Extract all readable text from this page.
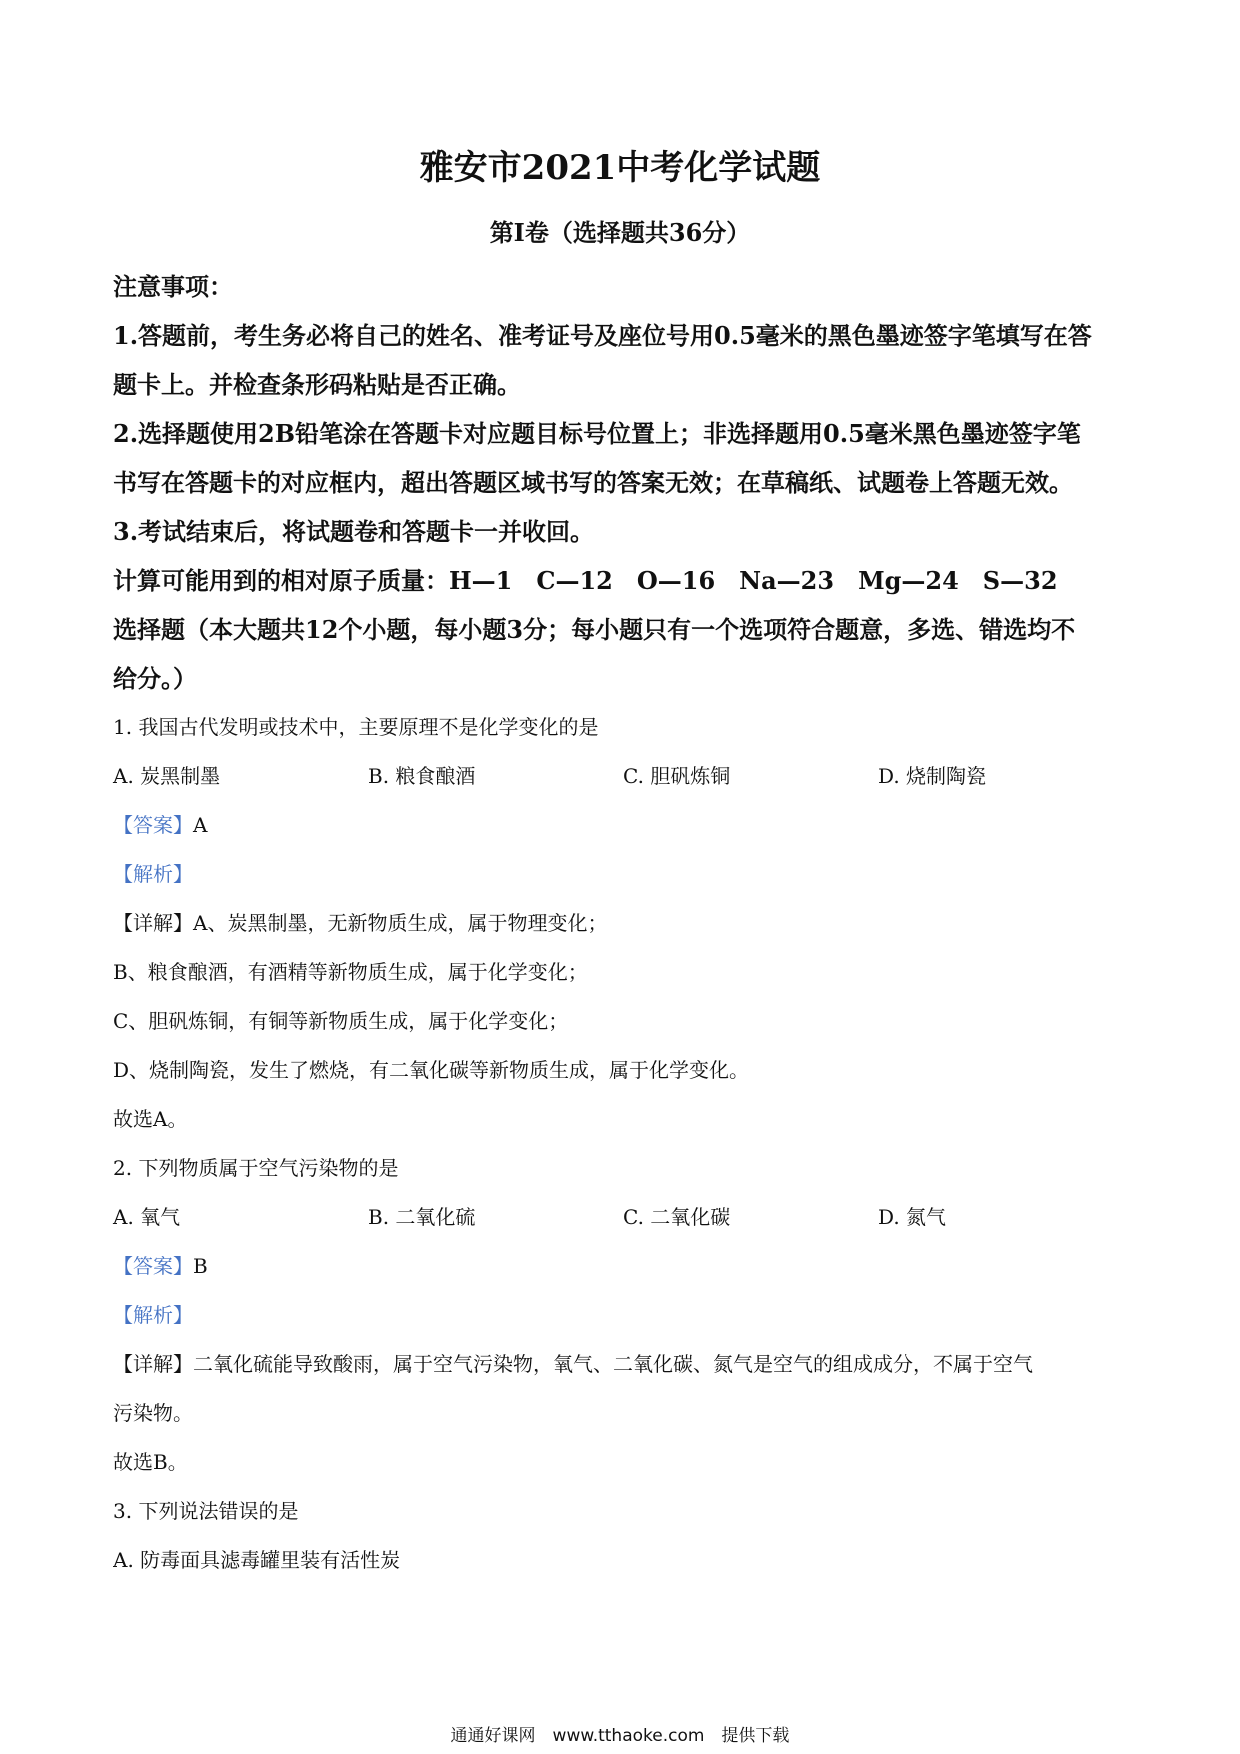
雅安市2021中考化学试题
第Ⅰ卷（选择题共36分）
注意事项：
1.答题前，考生务必将自己的姓名、准考证号及座位号用0.5毫米的黑色墨迹签字笔填写在答
题卡上。并检查条形码粘贴是否正确。
2.选择题使用2B铅笔涂在答题卡对应题目标号位置上；非选择题用0.5毫米黑色墨迹签字笔
书写在答题卡的对应框内，超出答题区域书写的答案无效；在草稿纸、试题卷上答题无效。
3.考试结束后，将试题卷和答题卡一并收回。
计算可能用到的相对原子质量：H—1　C—12　O—16　Na—23　Mg—24　S—32
选择题（本大题共12个小题，每小题3分；每小题只有一个选项符合题意，多选、错选均不
给分。）
1. 我国古代发明或技术中，主要原理不是化学变化的是
A. 炭黑制墨	B. 粮食酿酒	C. 胆矾炼铜	D. 烧制陶瓷
【答案】A
【解析】
【详解】A、炭黑制墨，无新物质生成，属于物理变化；
B、粮食酿酒，有酒精等新物质生成，属于化学变化；
C、胆矾炼铜，有铜等新物质生成，属于化学变化；
D、烧制陶瓷，发生了燃烧，有二氧化碳等新物质生成，属于化学变化。
故选A。
2. 下列物质属于空气污染物的是
A. 氧气	B. 二氧化硫	C. 二氧化碳	D. 氮气
【答案】B
【解析】
【详解】二氧化硫能导致酸雨，属于空气污染物，氧气、二氧化碳、氮气是空气的组成成分，不属于空气
污染物。
故选B。
3. 下列说法错误的是
A. 防毒面具滤毒罐里装有活性炭
通通好课网　www.tthaoke.com　提供下载
